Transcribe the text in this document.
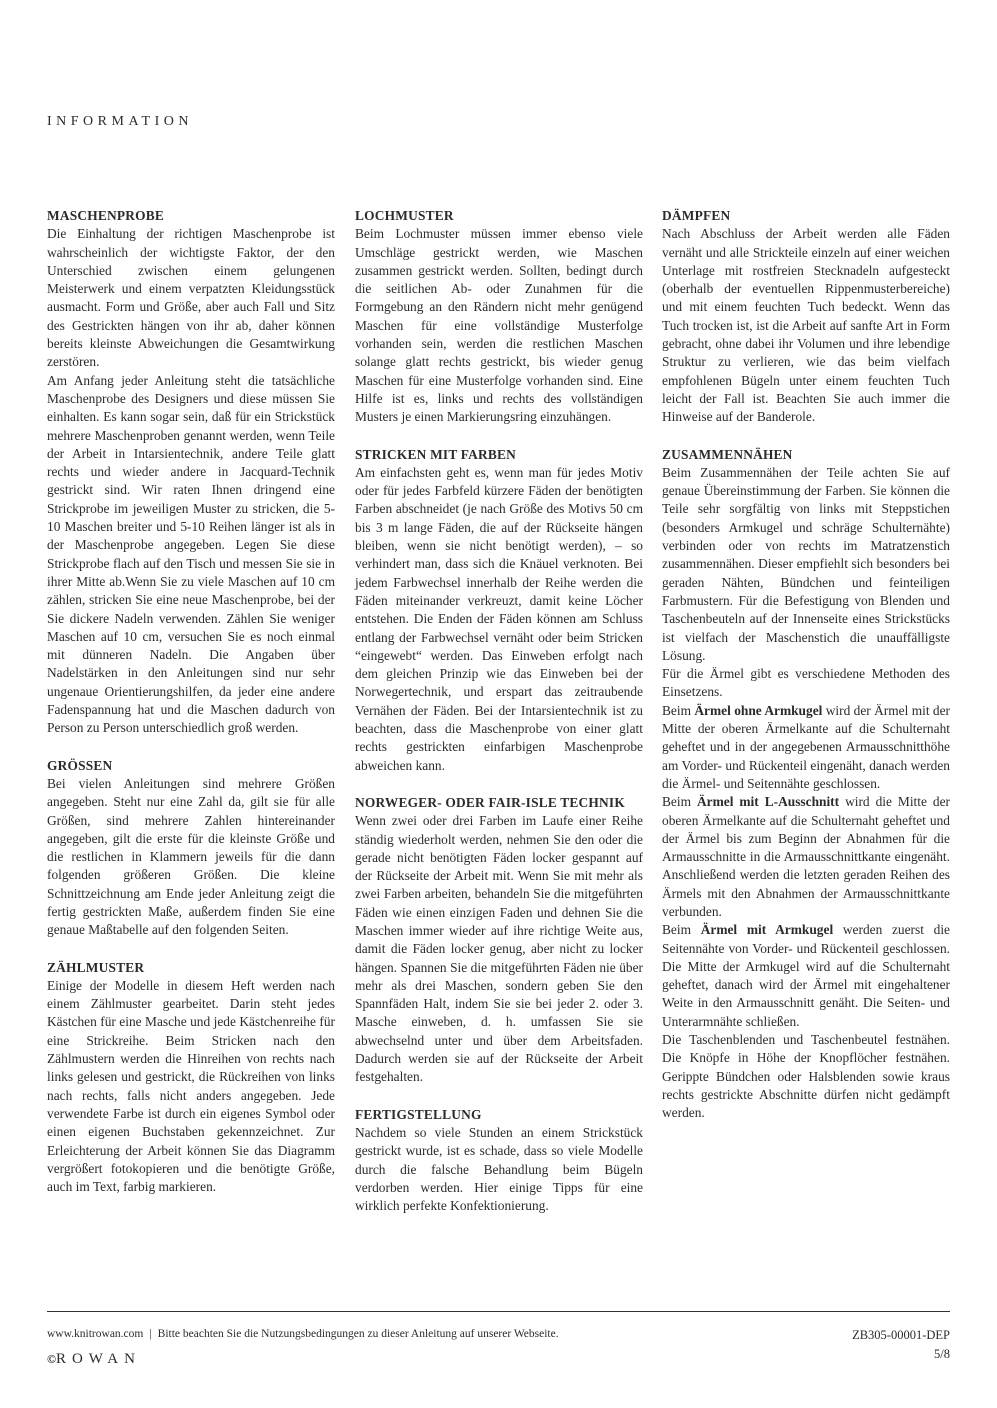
INFORMATION
MASCHENPROBE

Die Einhaltung der richtigen Maschenprobe ist wahrscheinlich der wichtigste Faktor, der den Unterschied zwischen einem gelungenen Meisterwerk und einem verpatzten Kleidungsstück ausmacht. Form und Größe, aber auch Fall und Sitz des Gestrickten hängen von ihr ab, daher können bereits kleinste Abweichungen die Gesamtwirkung zerstören.

Am Anfang jeder Anleitung steht die tatsächliche Maschenprobe des Designers und diese müssen Sie einhalten. Es kann sogar sein, daß für ein Strickstück mehrere Maschenproben genannt werden, wenn Teile der Arbeit in Intarsientechnik, andere Teile glatt rechts und wieder andere in Jacquard-Technik gestrickt sind. Wir raten Ihnen dringend eine Strickprobe im jeweiligen Muster zu stricken, die 5-10 Maschen breiter und 5-10 Reihen länger ist als in der Maschenprobe angegeben. Legen Sie diese Strickprobe flach auf den Tisch und messen Sie sie in ihrer Mitte ab.Wenn Sie zu viele Maschen auf 10 cm zählen, stricken Sie eine neue Maschenprobe, bei der Sie dickere Nadeln verwenden. Zählen Sie weniger Maschen auf 10 cm, versuchen Sie es noch einmal mit dünneren Nadeln. Die Angaben über Nadelstärken in den Anleitungen sind nur sehr ungenaue Orientierungshilfen, da jeder eine andere Fadenspannung hat und die Maschen dadurch von Person zu Person unterschiedlich groß werden.

GRÖSSEN

Bei vielen Anleitungen sind mehrere Größen angegeben. Steht nur eine Zahl da, gilt sie für alle Größen, sind mehrere Zahlen hintereinander angegeben, gilt die erste für die kleinste Größe und die restlichen in Klammern jeweils für die dann folgenden größeren Größen. Die kleine Schnittzeichnung am Ende jeder Anleitung zeigt die fertig gestrickten Maße, außerdem finden Sie eine genaue Maßtabelle auf den folgenden Seiten.

ZÄHLMUSTER

Einige der Modelle in diesem Heft werden nach einem Zählmuster gearbeitet. Darin steht jedes Kästchen für eine Masche und jede Kästchenreihe für eine Strickreihe. Beim Stricken nach den Zählmustern werden die Hinreihen von rechts nach links gelesen und gestrickt, die Rückreihen von links nach rechts, falls nicht anders angegeben. Jede verwendete Farbe ist durch ein eigenes Symbol oder einen eigenen Buchstaben gekennzeichnet. Zur Erleichterung der Arbeit können Sie das Diagramm vergrößert fotokopieren und die benötigte Größe, auch im Text, farbig markieren.

LOCHMUSTER

Beim Lochmuster müssen immer ebenso viele Umschläge gestrickt werden, wie Maschen zusammen gestrickt werden. Sollten, bedingt durch die seitlichen Ab- oder Zunahmen für die Formgebung an den Rändern nicht mehr genügend Maschen für eine vollständige Musterfolge vorhanden sein, werden die restlichen Maschen solange glatt rechts gestrickt, bis wieder genug Maschen für eine Musterfolge vorhanden sind. Eine Hilfe ist es, links und rechts des vollständigen Musters je einen Markierungsring einzuhängen.

STRICKEN MIT FARBEN

Am einfachsten geht es, wenn man für jedes Motiv oder für jedes Farbfeld kürzere Fäden der benötigten Farben abschneidet (je nach Größe des Motivs 50 cm bis 3 m lange Fäden, die auf der Rückseite hängen bleiben, wenn sie nicht benötigt werden), – so verhindert man, dass sich die Knäuel verknoten. Bei jedem Farbwechsel innerhalb der Reihe werden die Fäden miteinander verkreuzt, damit keine Löcher entstehen. Die Enden der Fäden können am Schluss entlang der Farbwechsel vernäht oder beim Stricken “eingewebt“ werden. Das Einweben erfolgt nach dem gleichen Prinzip wie das Einweben bei der Norwegertechnik, und erspart das zeitraubende Vernähen der Fäden. Bei der Intarsientechnik ist zu beachten, dass die Maschenprobe von einer glatt rechts gestrickten einfarbigen Maschenprobe abweichen kann.

NORWEGER- ODER FAIR-ISLE TECHNIK

Wenn zwei oder drei Farben im Laufe einer Reihe ständig wiederholt werden, nehmen Sie den oder die gerade nicht benötigten Fäden locker gespannt auf der Rückseite der Arbeit mit. Wenn Sie mit mehr als zwei Farben arbeiten, behandeln Sie die mitgeführten Fäden wie einen einzigen Faden und dehnen Sie die Maschen immer wieder auf ihre richtige Weite aus, damit die Fäden locker genug, aber nicht zu locker hängen. Spannen Sie die mitgeführten Fäden nie über mehr als drei Maschen, sondern geben Sie den Spannfäden Halt, indem Sie sie bei jeder 2. oder 3. Masche einweben, d. h. umfassen Sie sie abwechselnd unter und über dem Arbeitsfaden. Dadurch werden sie auf der Rückseite der Arbeit festgehalten.

FERTIGSTELLUNG

Nachdem so viele Stunden an einem Strickstück gestrickt wurde, ist es schade, dass so viele Modelle durch die falsche Behandlung beim Bügeln verdorben werden. Hier einige Tipps für eine wirklich perfekte Konfektionierung.

DÄMPFEN

Nach Abschluss der Arbeit werden alle Fäden vernäht und alle Strickteile einzeln auf einer weichen Unterlage mit rostfreien Stecknadeln aufgesteckt (oberhalb der eventuellen Rippenmusterbereiche) und mit einem feuchten Tuch bedeckt. Wenn das Tuch trocken ist, ist die Arbeit auf sanfte Art in Form gebracht, ohne dabei ihr Volumen und ihre lebendige Struktur zu verlieren, wie das beim vielfach empfohlenen Bügeln unter einem feuchten Tuch leicht der Fall ist. Beachten Sie auch immer die Hinweise auf der Banderole.

ZUSAMMENNÄHEN

Beim Zusammennähen der Teile achten Sie auf genaue Übereinstimmung der Farben. Sie können die Teile sehr sorgfältig von links mit Steppstichen (besonders Armkugel und schräge Schulternähte) verbinden oder von rechts im Matratzenstich zusammennähen. Dieser empfiehlt sich besonders bei geraden Nähten, Bündchen und feinteiligen Farbmustern. Für die Befestigung von Blenden und Taschenbeuteln auf der Innenseite eines Strickstücks ist vielfach der Maschenstich die unauffälligste Lösung.

Für die Ärmel gibt es verschiedene Methoden des Einsetzens.

Beim Ärmel ohne Armkugel wird der Ärmel mit der Mitte der oberen Ärmelkante auf die Schulternaht geheftet und in der angegebenen Armausschnitthöhe am Vorder- und Rückenteil eingenäht, danach werden die Ärmel- und Seitennähte geschlossen.

Beim Ärmel mit L-Ausschnitt wird die Mitte der oberen Ärmelkante auf die Schulternaht geheftet und der Ärmel bis zum Beginn der Abnahmen für die Armausschnitte in die Armausschnittkante eingenäht. Anschließend werden die letzten geraden Reihen des Ärmels mit den Abnahmen der Armausschnittkante verbunden.

Beim Ärmel mit Armkugel werden zuerst die Seitennähte von Vorder- und Rückenteil geschlossen. Die Mitte der Armkugel wird auf die Schulternaht geheftet, danach wird der Ärmel mit eingehaltener Weite in den Armausschnitt genäht. Die Seiten- und Unterarmnähte schließen.

Die Taschenblenden und Taschenbeutel festnähen. Die Knöpfe in Höhe der Knopflöcher festnähen. Gerippte Bündchen oder Halsblenden sowie kraus rechts gestrickte Abschnitte dürfen nicht gedämpft werden.

www.knitrowan.com | Bitte beachten Sie die Nutzungsbedingungen zu dieser Anleitung auf unserer Webseite.
©ROWAN
ZB305-00001-DEP
5/8
